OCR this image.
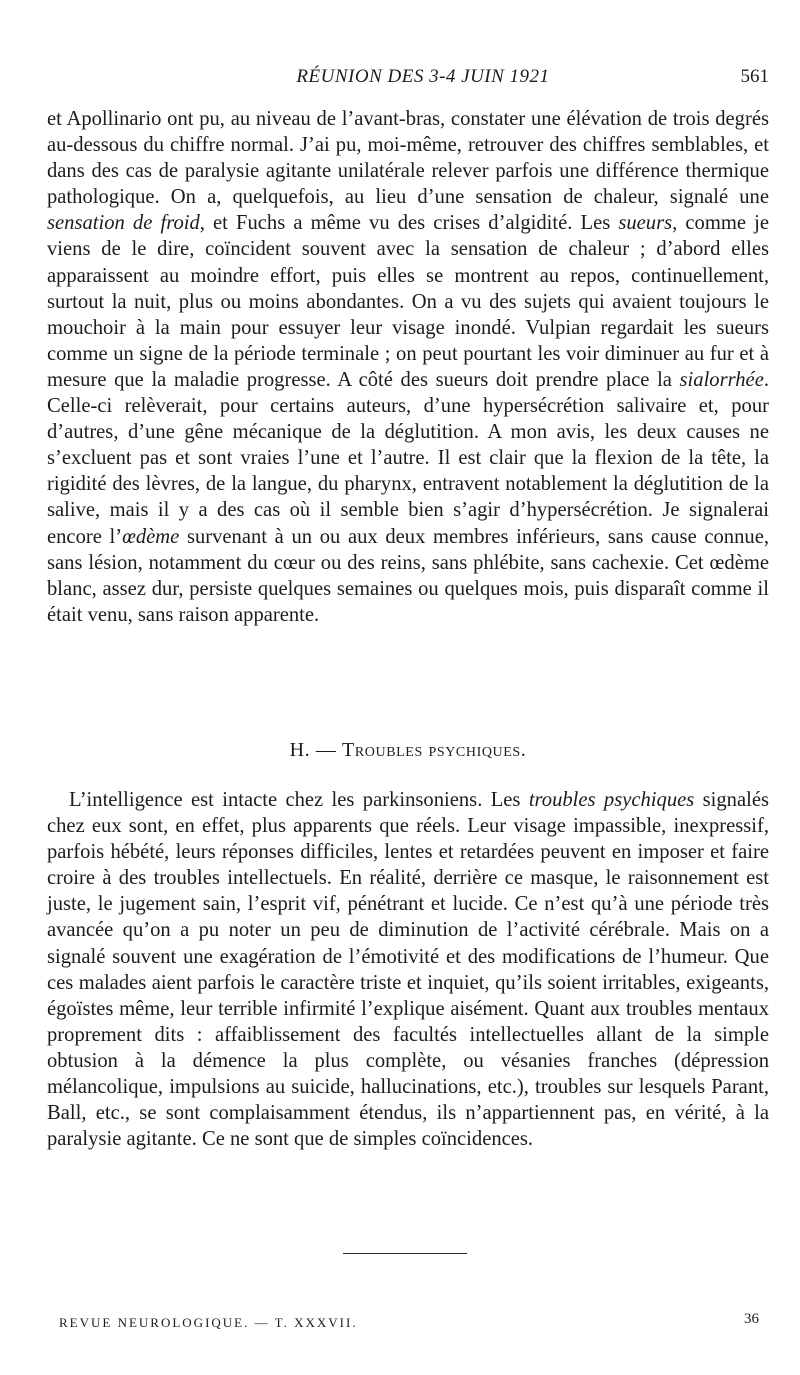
RÉUNION DES 3-4 JUIN 1921	561

et Apollinario ont pu, au niveau de l’avant-bras, constater une élévation de trois degrés au-dessous du chiffre normal. J’ai pu, moi-même, retrouver des chiffres semblables, et dans des cas de paralysie agitante unilatérale relever parfois une différence thermique pathologique. On a, quelquefois, au lieu d’une sensation de chaleur, signalé une sensation de froid, et Fuchs a même vu des crises d’algidité. Les sueurs, comme je viens de le dire, coïncident souvent avec la sensation de chaleur ; d’abord elles apparaissent au moindre effort, puis elles se montrent au repos, continuellement, surtout la nuit, plus ou moins abondantes. On a vu des sujets qui avaient toujours le mouchoir à la main pour essuyer leur visage inondé. Vulpian regardait les sueurs comme un signe de la période terminale ; on peut pourtant les voir diminuer au fur et à mesure que la maladie progresse. A côté des sueurs doit prendre place la sialorrhée. Celle-ci relèverait, pour certains auteurs, d’une hypersécrétion salivaire et, pour d’autres, d’une gêne mécanique de la déglutition. A mon avis, les deux causes ne s’excluent pas et sont vraies l’une et l’autre. Il est clair que la flexion de la tête, la rigidité des lèvres, de la langue, du pharynx, entravent notablement la déglutition de la salive, mais il y a des cas où il semble bien s’agir d’hypersécrétion. Je signalerai encore l’œdème survenant à un ou aux deux membres inférieurs, sans cause connue, sans lésion, notamment du cœur ou des reins, sans phlébite, sans cachexie. Cet œdème blanc, assez dur, persiste quelques semaines ou quelques mois, puis disparaît comme il était venu, sans raison apparente.

H. — Troubles psychiques.

L’intelligence est intacte chez les parkinsoniens. Les troubles psychiques signalés chez eux sont, en effet, plus apparents que réels. Leur visage impassible, inexpressif, parfois hébété, leurs réponses difficiles, lentes et retardées peuvent en imposer et faire croire à des troubles intellectuels. En réalité, derrière ce masque, le raisonnement est juste, le jugement sain, l’esprit vif, pénétrant et lucide. Ce n’est qu’à une période très avancée qu’on a pu noter un peu de diminution de l’activité cérébrale. Mais on a signalé souvent une exagération de l’émotivité et des modifications de l’humeur. Que ces malades aient parfois le caractère triste et inquiet, qu’ils soient irritables, exigeants, égoïstes même, leur terrible infirmité l’explique aisément. Quant aux troubles mentaux proprement dits : affaiblissement des facultés intellectuelles allant de la simple obtusion à la démence la plus complète, ou vésanies franches (dépression mélancolique, impulsions au suicide, hallucinations, etc.), troubles sur lesquels Parant, Ball, etc., se sont complaisamment étendus, ils n’appartiennent pas, en vérité, à la paralysie agitante. Ce ne sont que de simples coïncidences.

REVUE NEUROLOGIQUE. — T. XXXVII.	36
